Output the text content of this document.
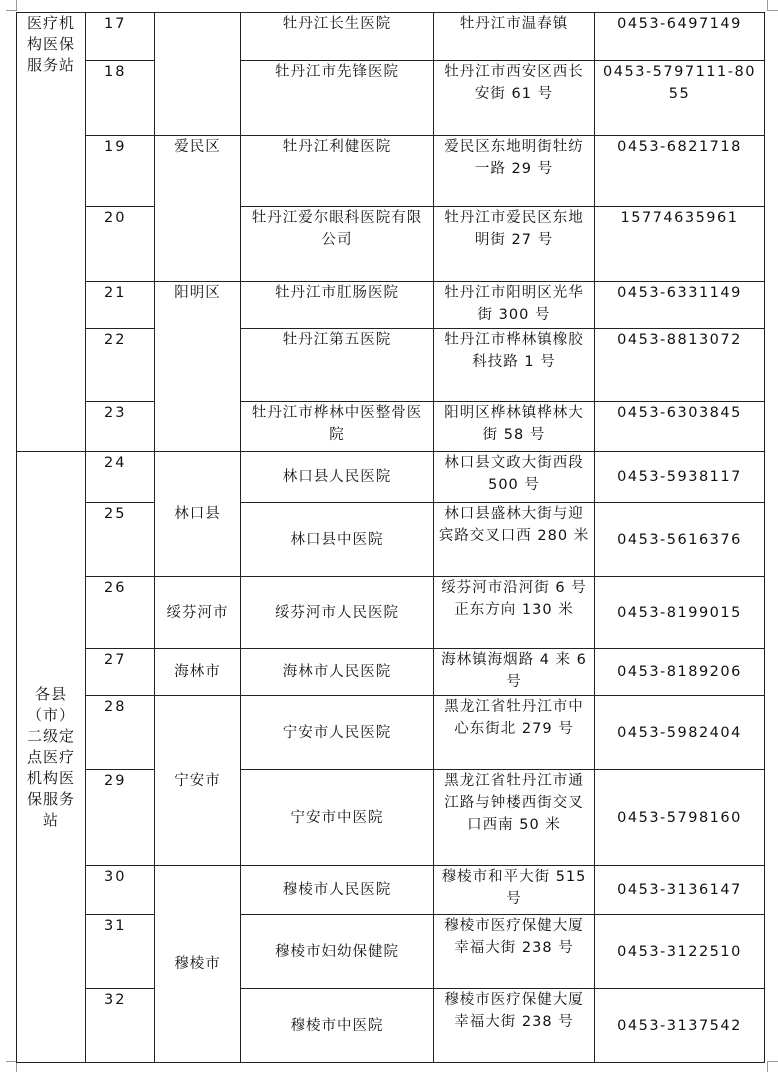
医疗机构医保服务站	17		牡丹江长生医院	牡丹江市温春镇	0453-6497149
	18		牡丹江市先锋医院	牡丹江市西安区西长安街 61 号	0453-5797111-8055
	19	爱民区	牡丹江利健医院	爱民区东地明街牡纺一路 29 号	0453-6821718
	20		牡丹江爱尔眼科医院有限公司	牡丹江市爱民区东地明街 27 号	15774635961
	21	阳明区	牡丹江市肛肠医院	牡丹江市阳明区光华街 300 号	0453-6331149
	22		牡丹江第五医院	牡丹江市桦林镇橡胶科技路 1 号	0453-8813072
	23		牡丹江市桦林中医整骨医院	阳明区桦林镇桦林大街 58 号	0453-6303845
各县（市）二级定点医疗机构医保服务站	24	林口县	林口县人民医院	林口县文政大街西段 500 号	0453-5938117
	25		林口县中医院	林口县盛林大街与迎宾路交叉口西 280 米	0453-5616376
	26	绥芬河市	绥芬河市人民医院	绥芬河市沿河街 6 号正东方向 130 米	0453-8199015
	27	海林市	海林市人民医院	海林镇海烟路 4 来 6 号	0453-8189206
	28	宁安市	宁安市人民医院	黑龙江省牡丹江市中心东街北 279 号	0453-5982404
	29		宁安市中医院	黑龙江省牡丹江市通江路与钟楼西街交叉口西南 50 米	0453-5798160
	30	穆棱市	穆棱市人民医院	穆棱市和平大街 515 号	0453-3136147
	31		穆棱市妇幼保健院	穆棱市医疗保健大厦幸福大街 238 号	0453-3122510
	32		穆棱市中医院	穆棱市医疗保健大厦幸福大街 238 号	0453-3137542
